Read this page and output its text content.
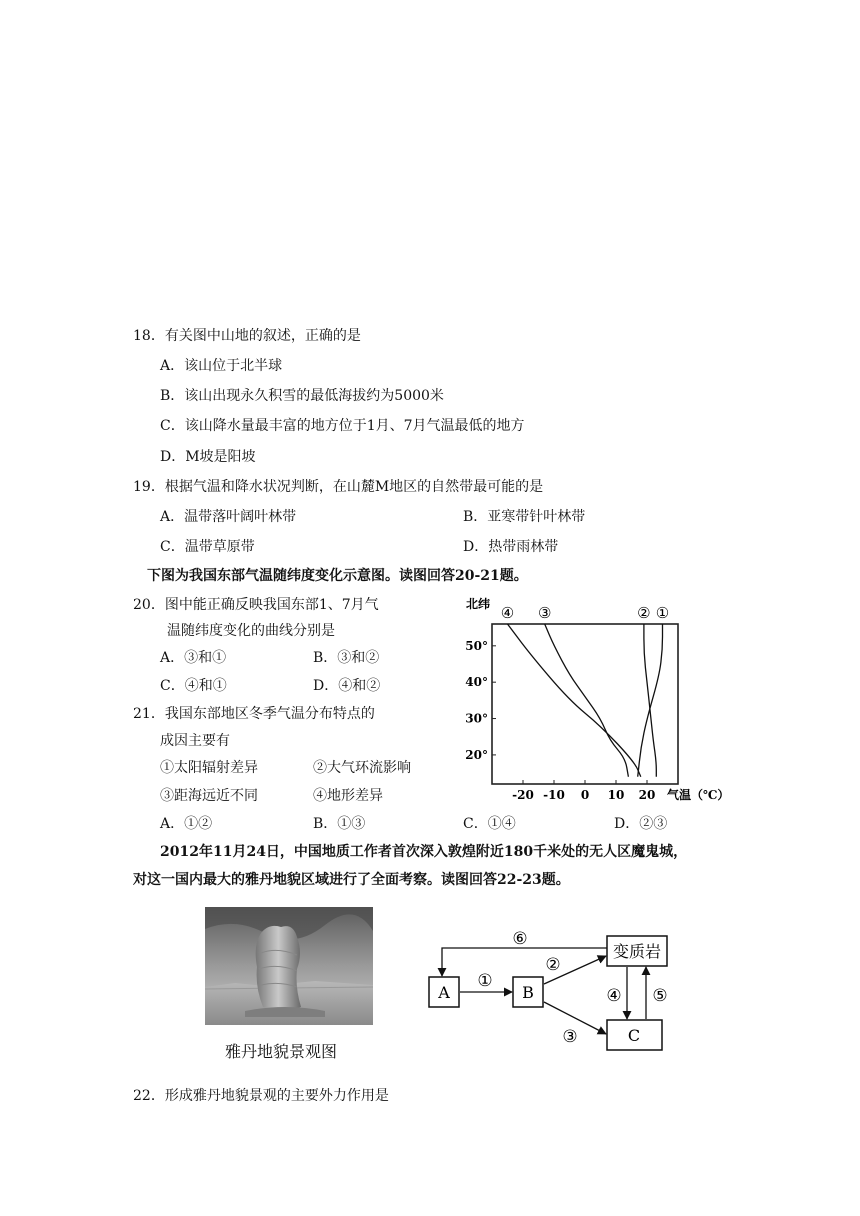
18．有关图中山地的叙述，正确的是
A．该山位于北半球
B．该山出现永久积雪的最低海拔约为5000米
C．该山降水量最丰富的地方位于1月、7月气温最低的地方
D．M坡是阳坡
19．根据气温和降水状况判断，在山麓M地区的自然带最可能的是
A．温带落叶阔叶林带	B．亚寒带针叶林带
C．温带草原带	D．热带雨林带
下图为我国东部气温随纬度变化示意图。读图回答20-21题。
20．图中能正确反映我国东部1、7月气
温随纬度变化的曲线分别是
A．③和①	B．③和②
C．④和①	D．④和②
21．我国东部地区冬季气温分布特点的
成因主要有
①太阳辐射差异	②大气环流影响
③距海远近不同	④地形差异
A．①②	B．①③	C．①④	D．②③
北纬
-20 -10 0 10 20
20°
30°
40°
50°
④ ③	② ①
气温（℃）
2012年11月24日，中国地质工作者首次深入敦煌附近180千米处的无人区魔鬼城，
对这一国内最大的雅丹地貌区域进行了全面考察。读图回答22-23题。
雅丹地貌景观图
A	B
变质岩
C
⑥
①
②
③
④ ⑤
22．形成雅丹地貌景观的主要外力作用是
